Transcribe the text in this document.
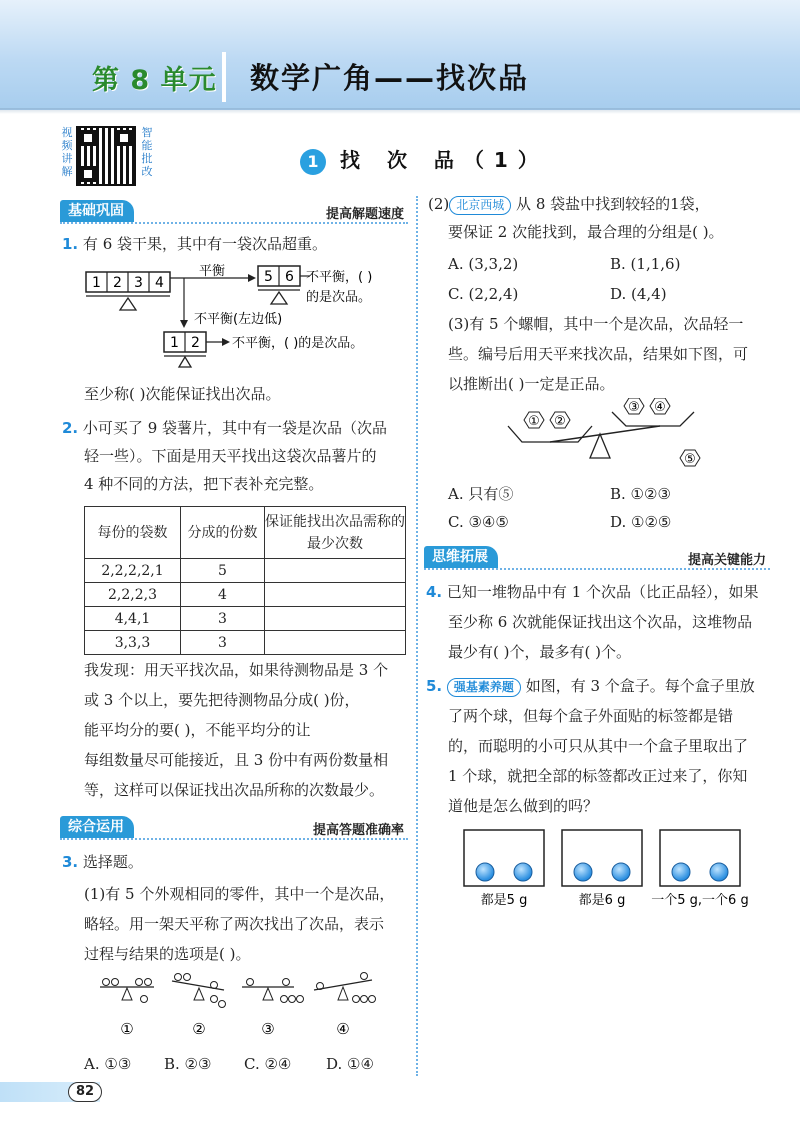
第 8 单元 数学广角——找次品
视频讲解
智能批改
1 找 次 品（1）
基础巩固	提高解题速度
1. 有 6 袋干果，其中有一袋次品超重。
1 2 3 4
平衡	5 6 不平衡，( )
的是次品。
不平衡(左边低)
1 2 不平衡，( )的是次品。
至少称( )次能保证找出次品。
2. 小可买了 9 袋薯片，其中有一袋是次品（次品
轻一些）。下面是用天平找出这袋次品薯片的
4 种不同的方法，把下表补充完整。
每份的袋数	分成的份数	保证能找出次品需称的最少次数
2,2,2,2,1	5	
2,2,2,3	4	
4,4,1	3	
3,3,3	3	
我发现：用天平找次品，如果待测物品是 3 个
或 3 个以上，要先把待测物品分成( )份，
能平均分的要( )，不能平均分的让
每组数量尽可能接近，且 3 份中有两份数量相
等，这样可以保证找出次品所称的次数最少。
综合运用	提高答题准确率
3. 选择题。
(1)有 5 个外观相同的零件，其中一个是次品，
略轻。用一架天平称了两次找出了次品，表示
过程与结果的选项是( )。
①	②	③	④
A. ①③ B. ②③ C. ②④ D. ①④
(2) 北京西城 从 8 袋盐中找到较轻的1袋，
要保证 2 次能找到，最合理的分组是( )。
A. (3,3,2)	B. (1,1,6)
C. (2,2,4)	D. (4,4)
(3)有 5 个螺帽，其中一个是次品，次品轻一
些。编号后用天平来找次品，结果如下图，可
以推断出( )一定是正品。
① ②
③ ④
⑤
A. 只有⑤	B. ①②③
C. ③④⑤	D. ①②⑤
思维拓展	提高关键能力
4. 已知一堆物品中有 1 个次品（比正品轻），如果
至少称 6 次就能保证找出这个次品，这堆物品
最少有( )个，最多有( )个。
5. 强基素养题 如图，有 3 个盒子。每个盒子里放
了两个球，但每个盒子外面贴的标签都是错
的，而聪明的小可只从其中一个盒子里取出了
1 个球，就把全部的标签都改正过来了，你知
道他是怎么做到的吗？
都是5 g	都是6 g 一个5 g,一个6 g
82
